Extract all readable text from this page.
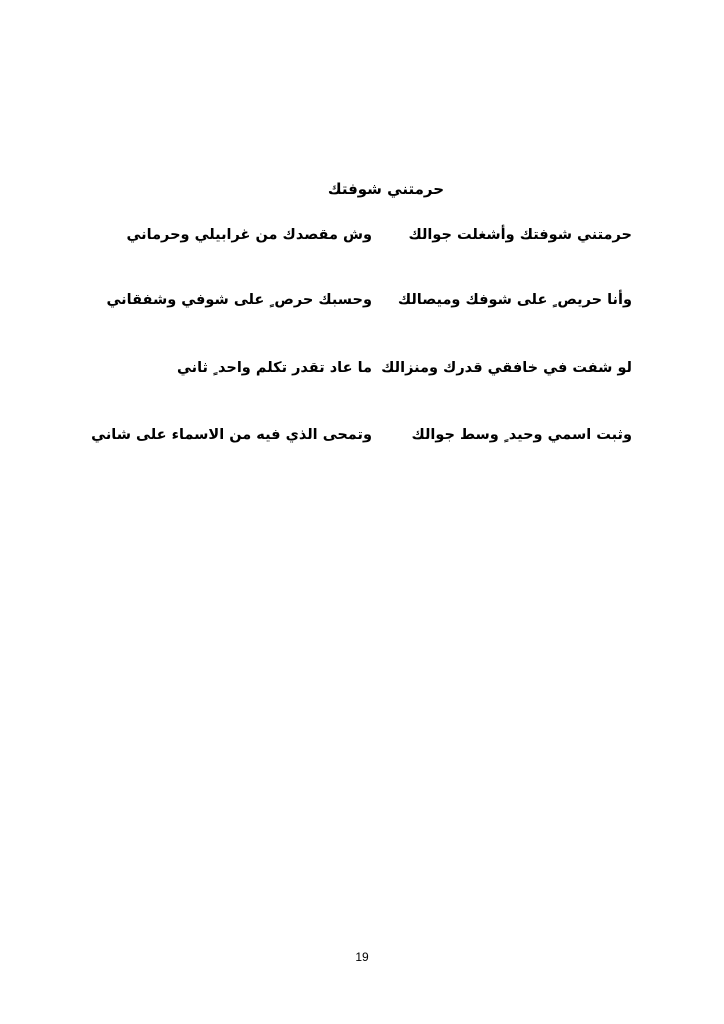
حرمتني شوفتك
حرمتني شوفتك وأشغلت جوالك
وش مقصدك من غرابيلي وحرماني
وأنا حريص ٍ على شوفك وميصالك
وحسبك حرص ٍ على شوفي وشفقاني
لو شفت في خافقي قدرك ومنزالك
ما عاد تقدر تكلم واحد ٍ ثاني
وثبت اسمي وحيد ٍ وسط جوالك
وتمحى الذي فيه من الاسماء على شاني
19
